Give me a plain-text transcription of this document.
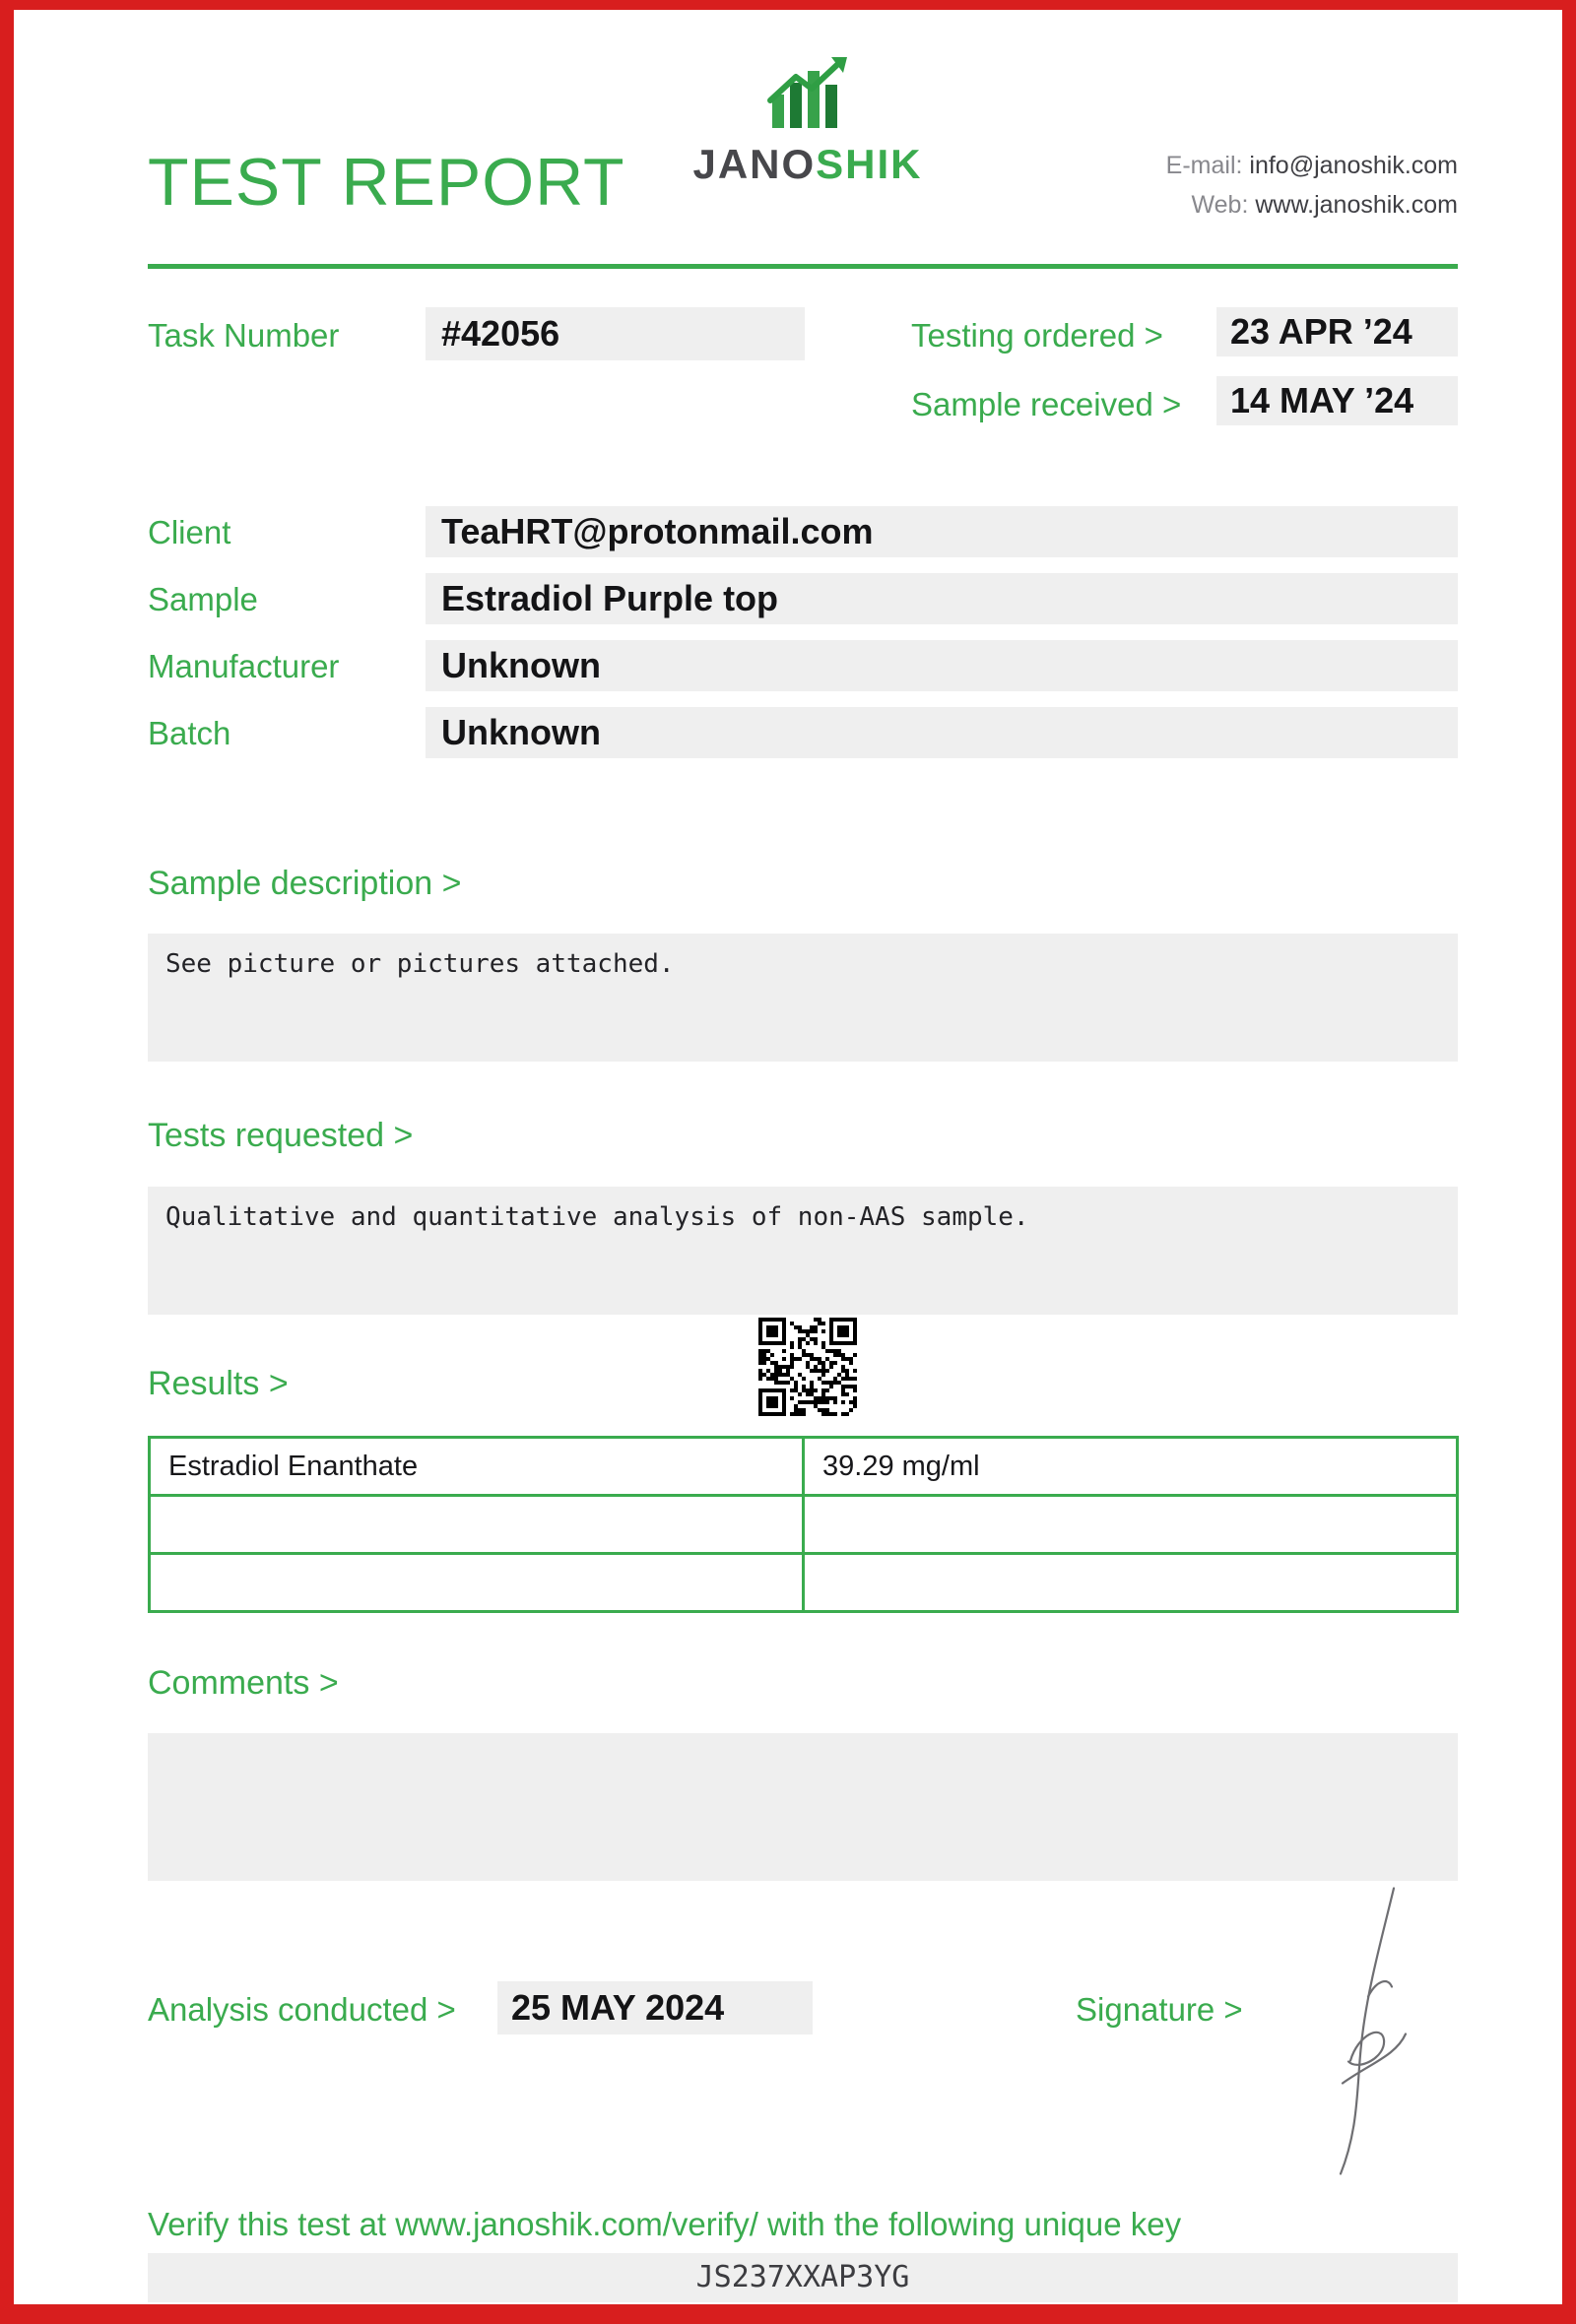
TEST REPORT JANOSHIK	E-mail: info@janoshik.com
Web: www.janoshik.com
Task Number	#42056	Testing ordered >	23 APR ’24
Sample received >	14 MAY ’24
Client	TeaHRT@protonmail.com
Sample	Estradiol Purple top
Manufacturer	Unknown
Batch	Unknown
Sample description >
See picture or pictures attached.
Tests requested >
Qualitative and quantitative analysis of non-AAS sample.
Results >
Estradiol Enanthate	39.29 mg/ml

Comments >
Analysis conducted >	25 MAY 2024	Signature >
Verify this test at www.janoshik.com/verify/ with the following unique key
JS237XXAP3YG
